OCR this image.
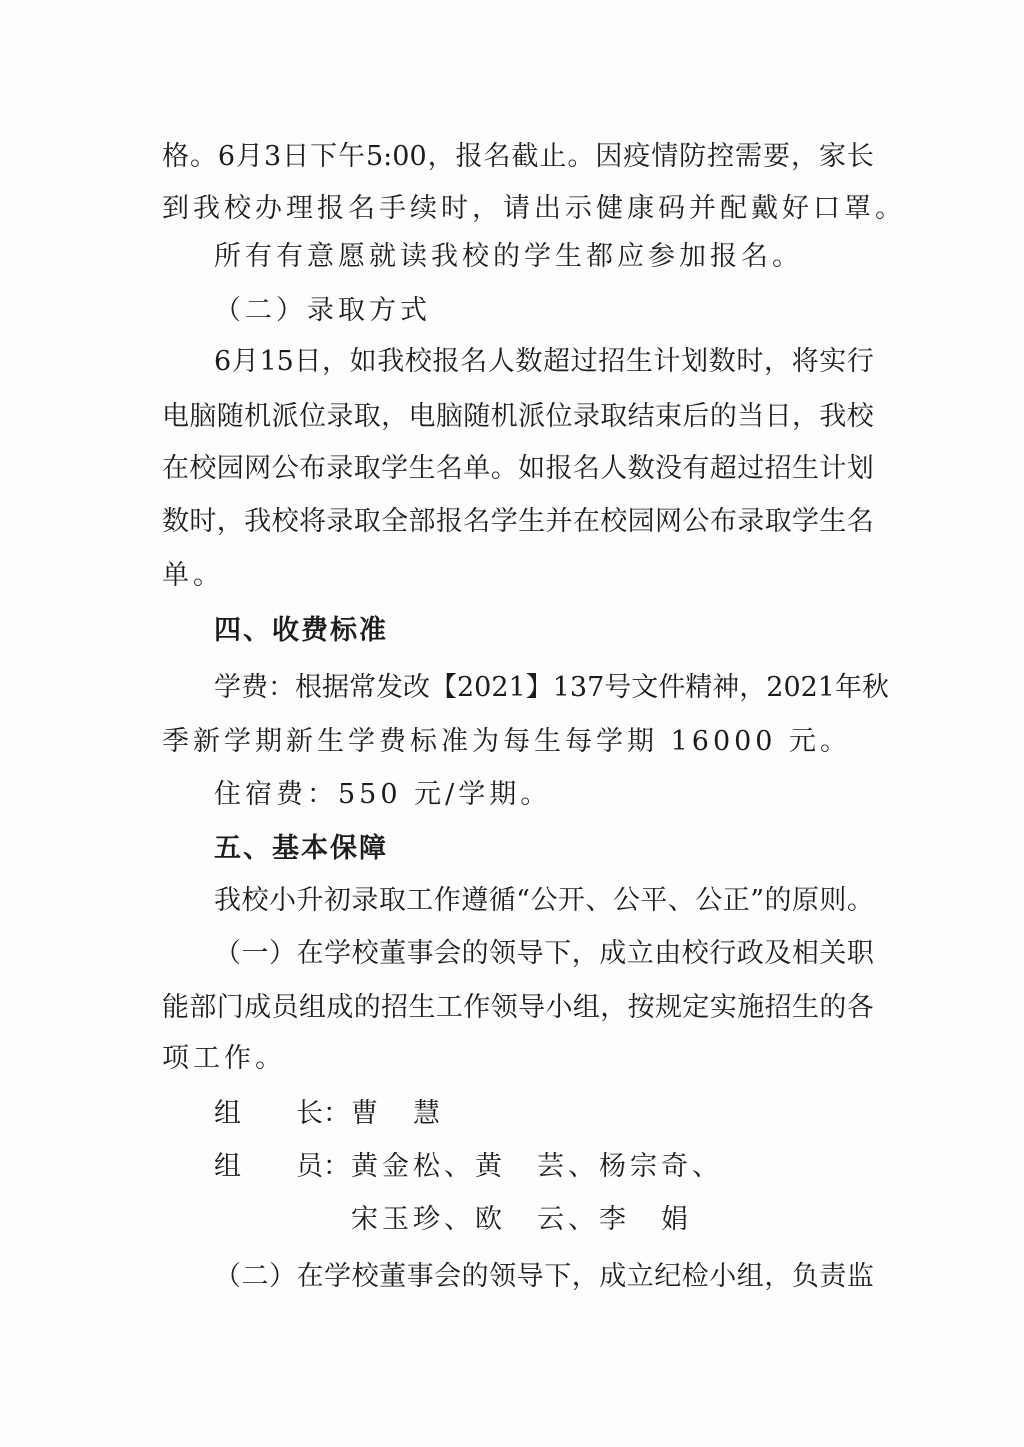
格 。 6 月 3 日 下 午 5:00 ， 报 名 截 止 。 因 疫 情 防 控 需 要 ， 家 长
到我校办理报名手续时，请出示健康码并配戴好口罩。
所有有意愿就读我校的学生都应参加报名。
（二）录取方式
6 月 15 日 ， 如 我 校 报 名 人 数 超 过 招 生 计 划 数 时 ， 将 实 行
电 脑 随 机 派 位 录 取 ， 电 脑 随 机 派 位 录 取 结 束 后 的 当 日 ， 我 校
在 校 园 网 公 布 录 取 学 生 名 单 。 如 报 名 人 数 没 有 超 过 招 生 计 划
数 时 ， 我 校 将 录 取 全 部 报 名 学 生 并 在 校 园 网 公 布 录 取 学 生 名
单。
四、收费标准
学 费 ： 根 据 常 发 改 【 2021 】 137 号 文 件 精 神 ， 2021 年 秋
季新学期新生学费标准为每生每学期 16000 元。
住宿费：550 元/学期。
五、基本保障
我 校 小 升 初 录 取 工 作 遵 循 “ 公 开 、 公 平 、 公 正 ” 的 原 则 。
（ 一 ） 在 学 校 董 事 会 的 领 导 下 ， 成 立 由 校 行 政 及 相 关 职
能 部 门 成 员 组 成 的 招 生 工 作 领 导 小 组 ， 按 规 定 实 施 招 生 的 各
项工作。
组 长： 曹　慧
组 员： 黄金松、黄　芸、杨宗奇、
宋玉珍、欧　云、李　娟
（ 二 ） 在 学 校 董 事 会 的 领 导 下 ， 成 立 纪 检 小 组 ， 负 责 监
